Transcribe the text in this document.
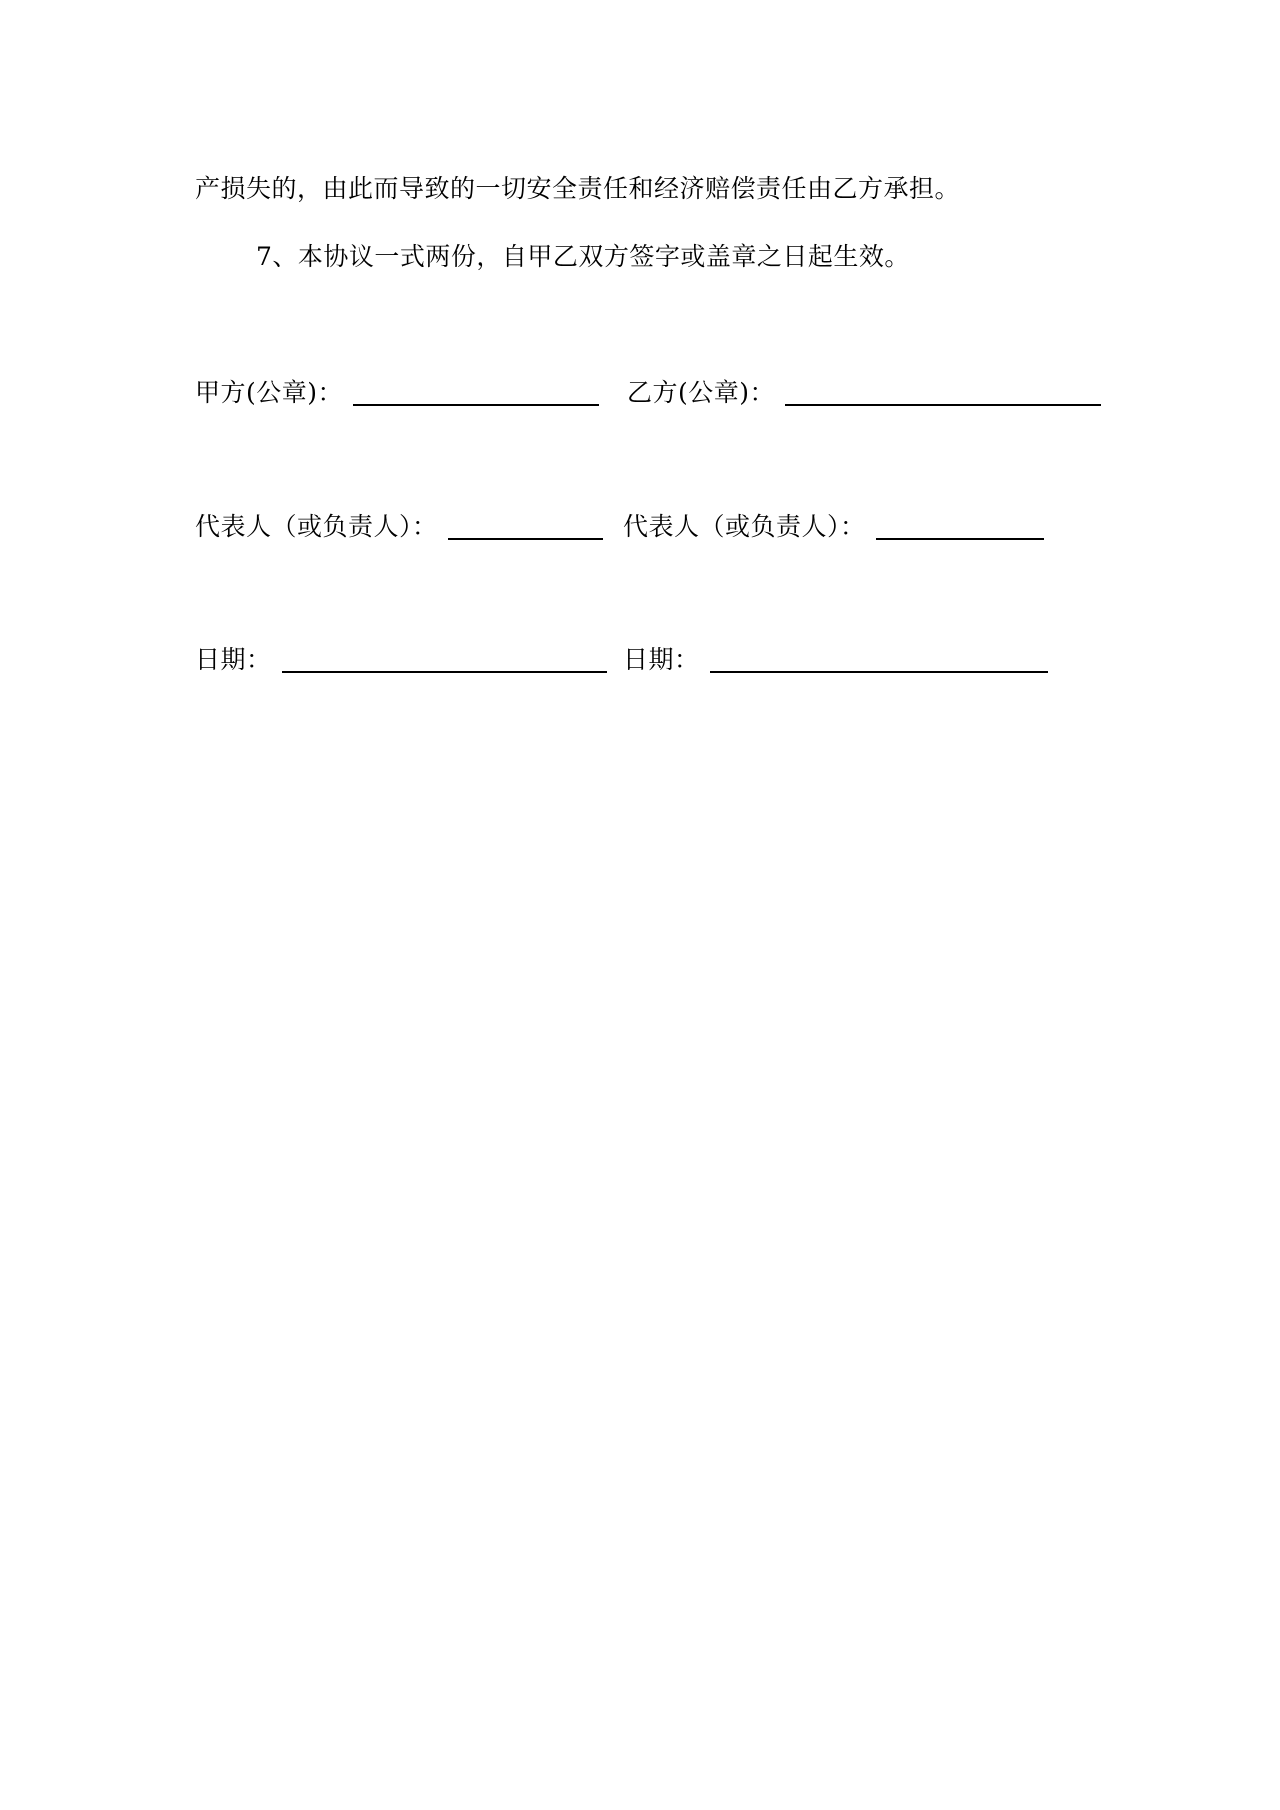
产损失的，由此而导致的一切安全责任和经济赔偿责任由乙方承担。
7、本协议一式两份，自甲乙双方签字或盖章之日起生效。
甲方(公章)：	乙方(公章)：
代表人（或负责人）：	代表人（或负责人）：
日期：	日期：
